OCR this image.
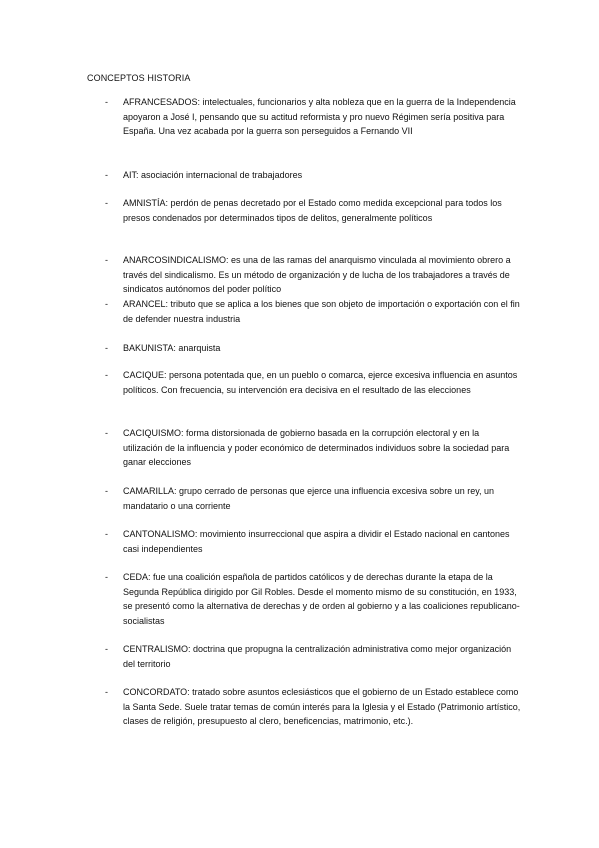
CONCEPTOS HISTORIA
- AFRANCESADOS: intelectuales, funcionarios y alta nobleza que en la guerra de la Independencia apoyaron a José I, pensando que su actitud reformista y pro nuevo Régimen sería positiva para España. Una vez acabada por la guerra son perseguidos a Fernando VII
- AIT: asociación internacional de trabajadores
- AMNISTÍA: perdón de penas decretado por el Estado como medida excepcional para todos los presos condenados por determinados tipos de delitos, generalmente políticos
- ANARCOSINDICALISMO: es una de las ramas del anarquismo vinculada al movimiento obrero a través del sindicalismo. Es un método de organización y de lucha de los trabajadores a través de sindicatos autónomos del poder político
- ARANCEL: tributo que se aplica a los bienes que son objeto de importación o exportación con el fin de defender nuestra industria
- BAKUNISTA: anarquista
- CACIQUE: persona potentada que, en un pueblo o comarca, ejerce excesiva influencia en asuntos políticos. Con frecuencia, su intervención era decisiva en el resultado de las elecciones
- CACIQUISMO: forma distorsionada de gobierno basada en la corrupción electoral y en la utilización de la influencia y poder económico de determinados individuos sobre la sociedad para ganar elecciones
- CAMARILLA: grupo cerrado de personas que ejerce una influencia excesiva sobre un rey, un mandatario o una corriente
- CANTONALISMO: movimiento insurreccional que aspira a dividir el Estado nacional en cantones casi independientes
- CEDA: fue una coalición española de partidos católicos y de derechas durante la etapa de la Segunda República dirigido por Gil Robles. Desde el momento mismo de su constitución, en 1933, se presentó como la alternativa de derechas y de orden al gobierno y a las coaliciones republicano-socialistas
- CENTRALISMO: doctrina que propugna la centralización administrativa como mejor organización del territorio
- CONCORDATO: tratado sobre asuntos eclesiásticos que el gobierno de un Estado establece como la Santa Sede. Suele tratar temas de común interés para la Iglesia y el Estado (Patrimonio artístico, clases de religión, presupuesto al clero, beneficencias, matrimonio, etc.).
